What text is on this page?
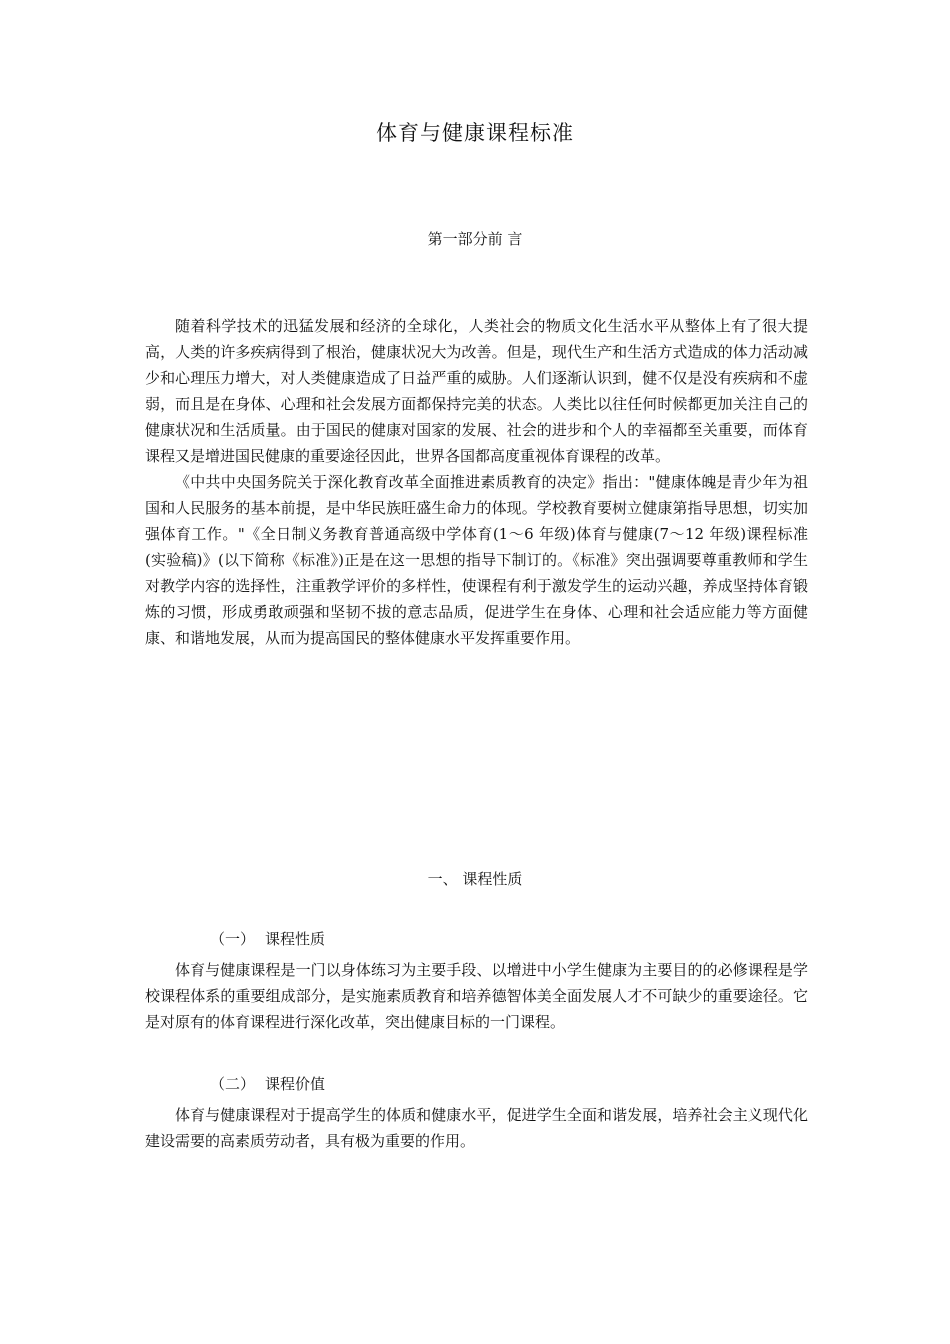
体育与健康课程标准
第一部分前 言

随着科学技术的迅猛发展和经济的全球化，人类社会的物质文化生活水平从整体上有了很大提高，人类的许多疾病得到了根治，健康状况大为改善。但是，现代生产和生活方式造成的体力活动减少和心理压力增大，对人类健康造成了日益严重的威胁。人们逐渐认识到，健不仅是没有疾病和不虚弱，而且是在身体、心理和社会发展方面都保持完美的状态。人类比以往任何时候都更加关注自己的健康状况和生活质量。由于国民的健康对国家的发展、社会的进步和个人的幸福都至关重要，而体育课程又是增进国民健康的重要途径因此，世界各国都高度重视体育课程的改革。

《中共中央国务院关于深化教育改革全面推进素质教育的决定》指出："健康体魄是青少年为祖国和人民服务的基本前提，是中华民族旺盛生命力的体现。学校教育要树立健康第指导思想，切实加强体育工作。"《全日制义务教育普通高级中学体育(1～6 年级)体育与健康(7～12 年级)课程标准(实验稿)》(以下简称《标准》)正是在这一思想的指导下制订的。《标准》突出强调要尊重教师和学生对教学内容的选择性，注重教学评价的多样性，使课程有利于激发学生的运动兴趣，养成坚持体育锻炼的习惯，形成勇敢顽强和坚韧不拔的意志品质，促进学生在身体、心理和社会适应能力等方面健康、和谐地发展，从而为提高国民的整体健康水平发挥重要作用。

一、 课程性质
（一） 课程性质

体育与健康课程是一门以身体练习为主要手段、以增进中小学生健康为主要目的的必修课程是学校课程体系的重要组成部分，是实施素质教育和培养德智体美全面发展人才不可缺少的重要途径。它是对原有的体育课程进行深化改革，突出健康目标的一门课程。

（二） 课程价值

体育与健康课程对于提高学生的体质和健康水平，促进学生全面和谐发展，培养社会主义现代化建设需要的高素质劳动者，具有极为重要的作用。
